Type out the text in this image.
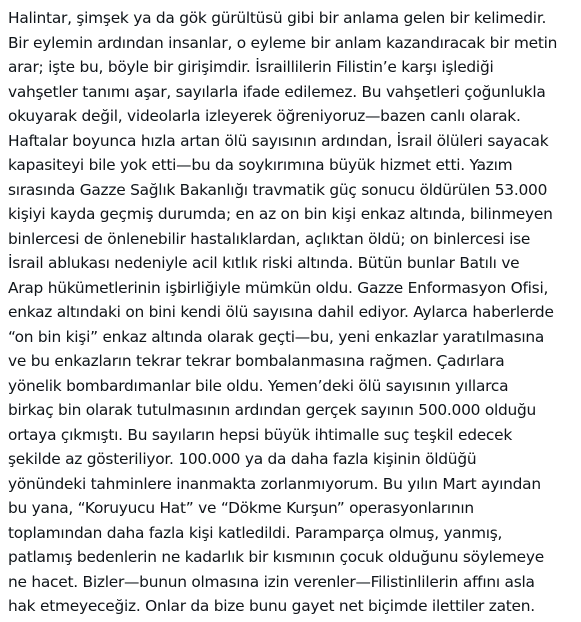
Halintar, şimşek ya da gök gürültüsü gibi bir anlama gelen bir kelimedir.
Bir eylemin ardından insanlar, o eyleme bir anlam kazandıracak bir metin
arar; işte bu, böyle bir girişimdir. İsraillilerin Filistin’e karşı işlediği
vahşetler tanımı aşar, sayılarla ifade edilemez. Bu vahşetleri çoğunlukla
okuyarak değil, videolarla izleyerek öğreniyoruz—bazen canlı olarak.
Haftalar boyunca hızla artan ölü sayısının ardından, İsrail ölüleri sayacak
kapasiteyi bile yok etti—bu da soykırımına büyük hizmet etti. Yazım
sırasında Gazze Sağlık Bakanlığı travmatik güç sonucu öldürülen 53.000
kişiyi kayda geçmiş durumda; en az on bin kişi enkaz altında, bilinmeyen
binlercesi de önlenebilir hastalıklardan, açlıktan öldü; on binlercesi ise
İsrail ablukası nedeniyle acil kıtlık riski altında. Bütün bunlar Batılı ve
Arap hükümetlerinin işbirliğiyle mümkün oldu. Gazze Enformasyon Ofisi,
enkaz altındaki on bini kendi ölü sayısına dahil ediyor. Aylarca haberlerde
“on bin kişi” enkaz altında olarak geçti—bu, yeni enkazlar yaratılmasına
ve bu enkazların tekrar tekrar bombalanmasına rağmen. Çadırlara
yönelik bombardımanlar bile oldu. Yemen’deki ölü sayısının yıllarca
birkaç bin olarak tutulmasının ardından gerçek sayının 500.000 olduğu
ortaya çıkmıştı. Bu sayıların hepsi büyük ihtimalle suç teşkil edecek
şekilde az gösteriliyor. 100.000 ya da daha fazla kişinin öldüğü
yönündeki tahminlere inanmakta zorlanmıyorum. Bu yılın Mart ayından
bu yana, “Koruyucu Hat” ve “Dökme Kurşun” operasyonlarının
toplamından daha fazla kişi katledildi. Paramparça olmuş, yanmış,
patlamış bedenlerin ne kadarlık bir kısmının çocuk olduğunu söylemeye
ne hacet. Bizler—bunun olmasına izin verenler—Filistinlilerin affını asla
hak etmeyeceğiz. Onlar da bize bunu gayet net biçimde ilettiler zaten.
